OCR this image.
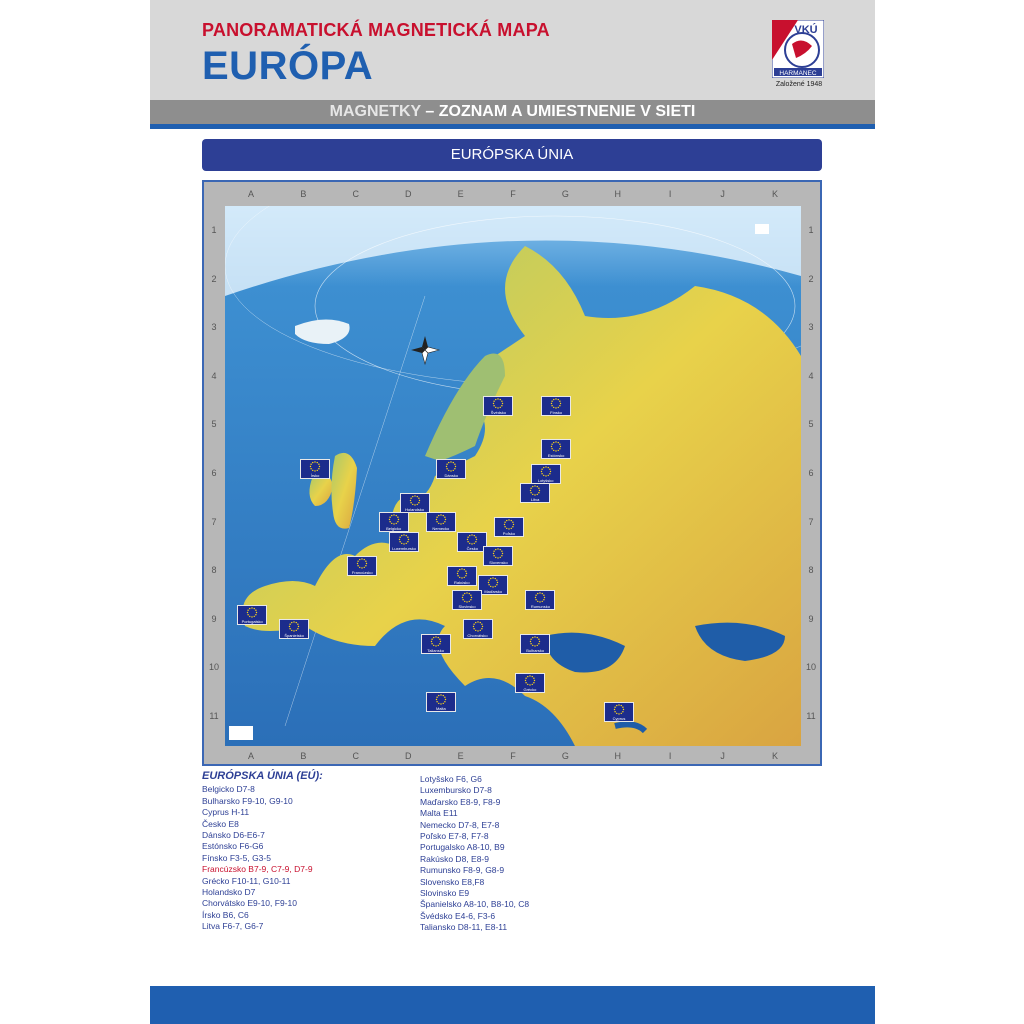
PANORAMATICKÁ MAGNETICKÁ MAPA
EURÓPA
VKÚ
HARMANEC
Založené 1948
MAGNETKY – ZOZNAM A UMIESTNENIE V SIETI
EURÓPSKA ÚNIA
Švédsko	Fínsko
Estónsko
Lotyšsko
Litva
Dánsko
Írsko
Holandsko
Belgicko	Nemecko
Luxembursko
Poľsko
Česko
Slovensko
Francúzsko
Rakúsko
Maďarsko
Slovinsko	Rumunsko
Portugalsko
Španielsko	Chorvátsko
Taliansko	Bulharsko
Grécko
Malta
Cyprus
A
A
B
B
C
C
D
D
E
E
F
F
G
G
H
H
I
I
J
J
K
K
1	1
2	2
3	3
4	4
5	5
6	6
7	7
8	8
9	9
10	10
11	11
EURÓPSKA ÚNIA (EÚ):
Belgicko D7-8
Bulharsko F9-10, G9-10
Cyprus H-11
Česko E8
Dánsko D6-E6-7
Estónsko F6-G6
Fínsko F3-5, G3-5
Francúzsko B7-9, C7-9, D7-9
Grécko F10-11, G10-11
Holandsko D7
Chorvátsko E9-10, F9-10
Írsko B6, C6
Litva F6-7, G6-7
Lotyšsko F6, G6
Luxembursko D7-8
Maďarsko E8-9, F8-9
Malta E11
Nemecko D7-8, E7-8
Poľsko E7-8, F7-8
Portugalsko A8-10, B9
Rakúsko D8, E8-9
Rumunsko F8-9, G8-9
Slovensko E8,F8
Slovinsko E9
Španielsko A8-10, B8-10, C8
Švédsko E4-6, F3-6
Taliansko D8-11, E8-11
